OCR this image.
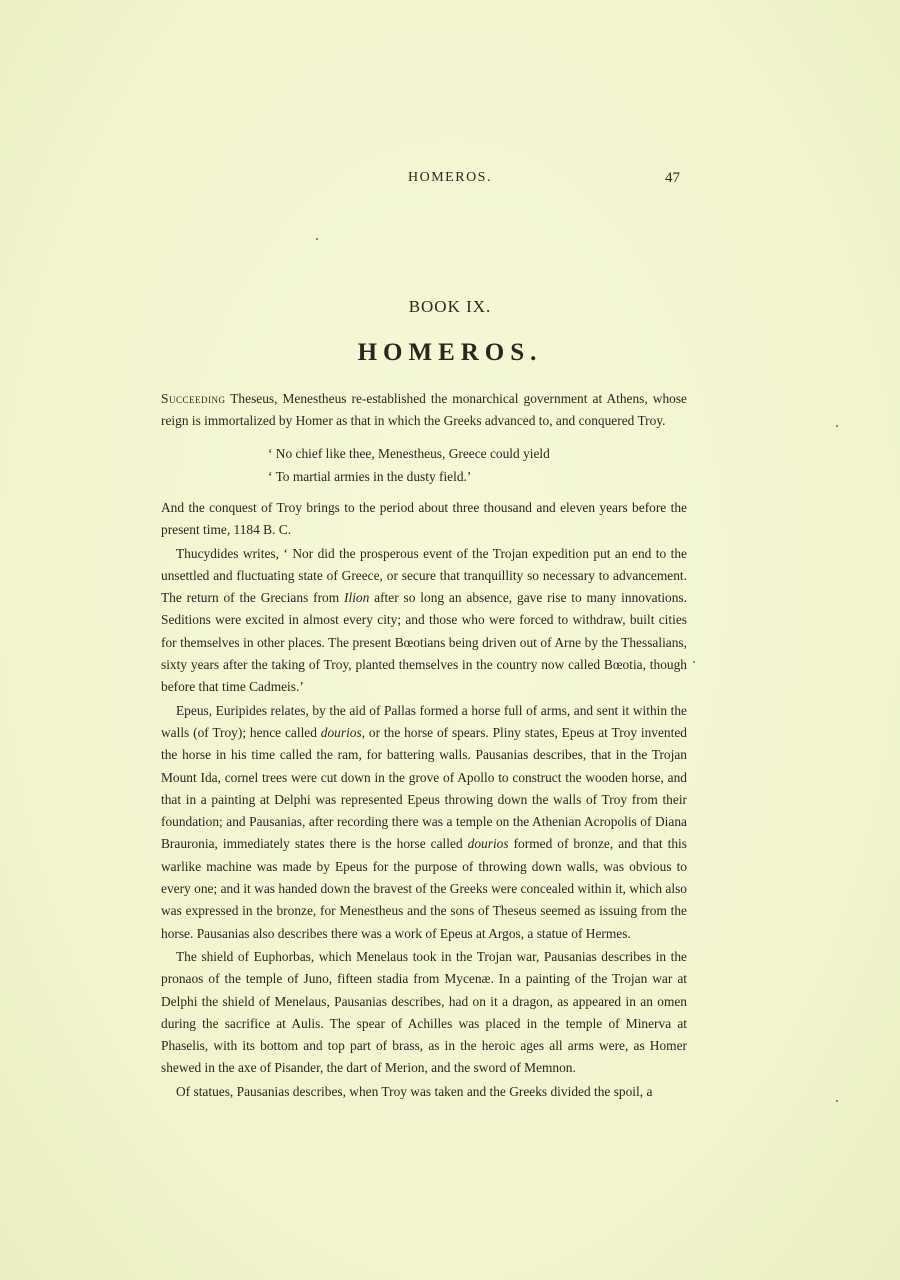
HOMEROS.	47
BOOK IX.
HOMEROS.

Succeeding Theseus, Menestheus re-established the monarchical government at Athens, whose reign is immortalized by Homer as that in which the Greeks advanced to, and conquered Troy.

‘ No chief like thee, Menestheus, Greece could yield
‘ To martial armies in the dusty field.’

And the conquest of Troy brings to the period about three thousand and eleven years before the present time, 1184 B. C.

Thucydides writes, ‘ Nor did the prosperous event of the Trojan expedition put an end to the unsettled and fluctuating state of Greece, or secure that tranquillity so necessary to advancement. The return of the Grecians from Ilion after so long an absence, gave rise to many innovations. Seditions were excited in almost every city; and those who were forced to withdraw, built cities for themselves in other places. The present Bœotians being driven out of Arne by the Thessalians, sixty years after the taking of Troy, planted themselves in the country now called Bœotia, though before that time Cadmeis.’

Epeus, Euripides relates, by the aid of Pallas formed a horse full of arms, and sent it within the walls (of Troy); hence called dourios, or the horse of spears. Pliny states, Epeus at Troy invented the horse in his time called the ram, for battering walls. Pausanias describes, that in the Trojan Mount Ida, cornel trees were cut down in the grove of Apollo to construct the wooden horse, and that in a painting at Delphi was represented Epeus throwing down the walls of Troy from their foundation; and Pausanias, after recording there was a temple on the Athenian Acropolis of Diana Brauronia, immediately states there is the horse called dourios formed of bronze, and that this warlike machine was made by Epeus for the purpose of throwing down walls, was obvious to every one; and it was handed down the bravest of the Greeks were concealed within it, which also was expressed in the bronze, for Menestheus and the sons of Theseus seemed as issuing from the horse. Pausanias also describes there was a work of Epeus at Argos, a statue of Hermes.

The shield of Euphorbas, which Menelaus took in the Trojan war, Pausanias describes in the pronaos of the temple of Juno, fifteen stadia from Mycenæ. In a painting of the Trojan war at Delphi the shield of Menelaus, Pausanias describes, had on it a dragon, as appeared in an omen during the sacrifice at Aulis. The spear of Achilles was placed in the temple of Minerva at Phaselis, with its bottom and top part of brass, as in the heroic ages all arms were, as Homer shewed in the axe of Pisander, the dart of Merion, and the sword of Memnon.

Of statues, Pausanias describes, when Troy was taken and the Greeks divided the spoil, a
